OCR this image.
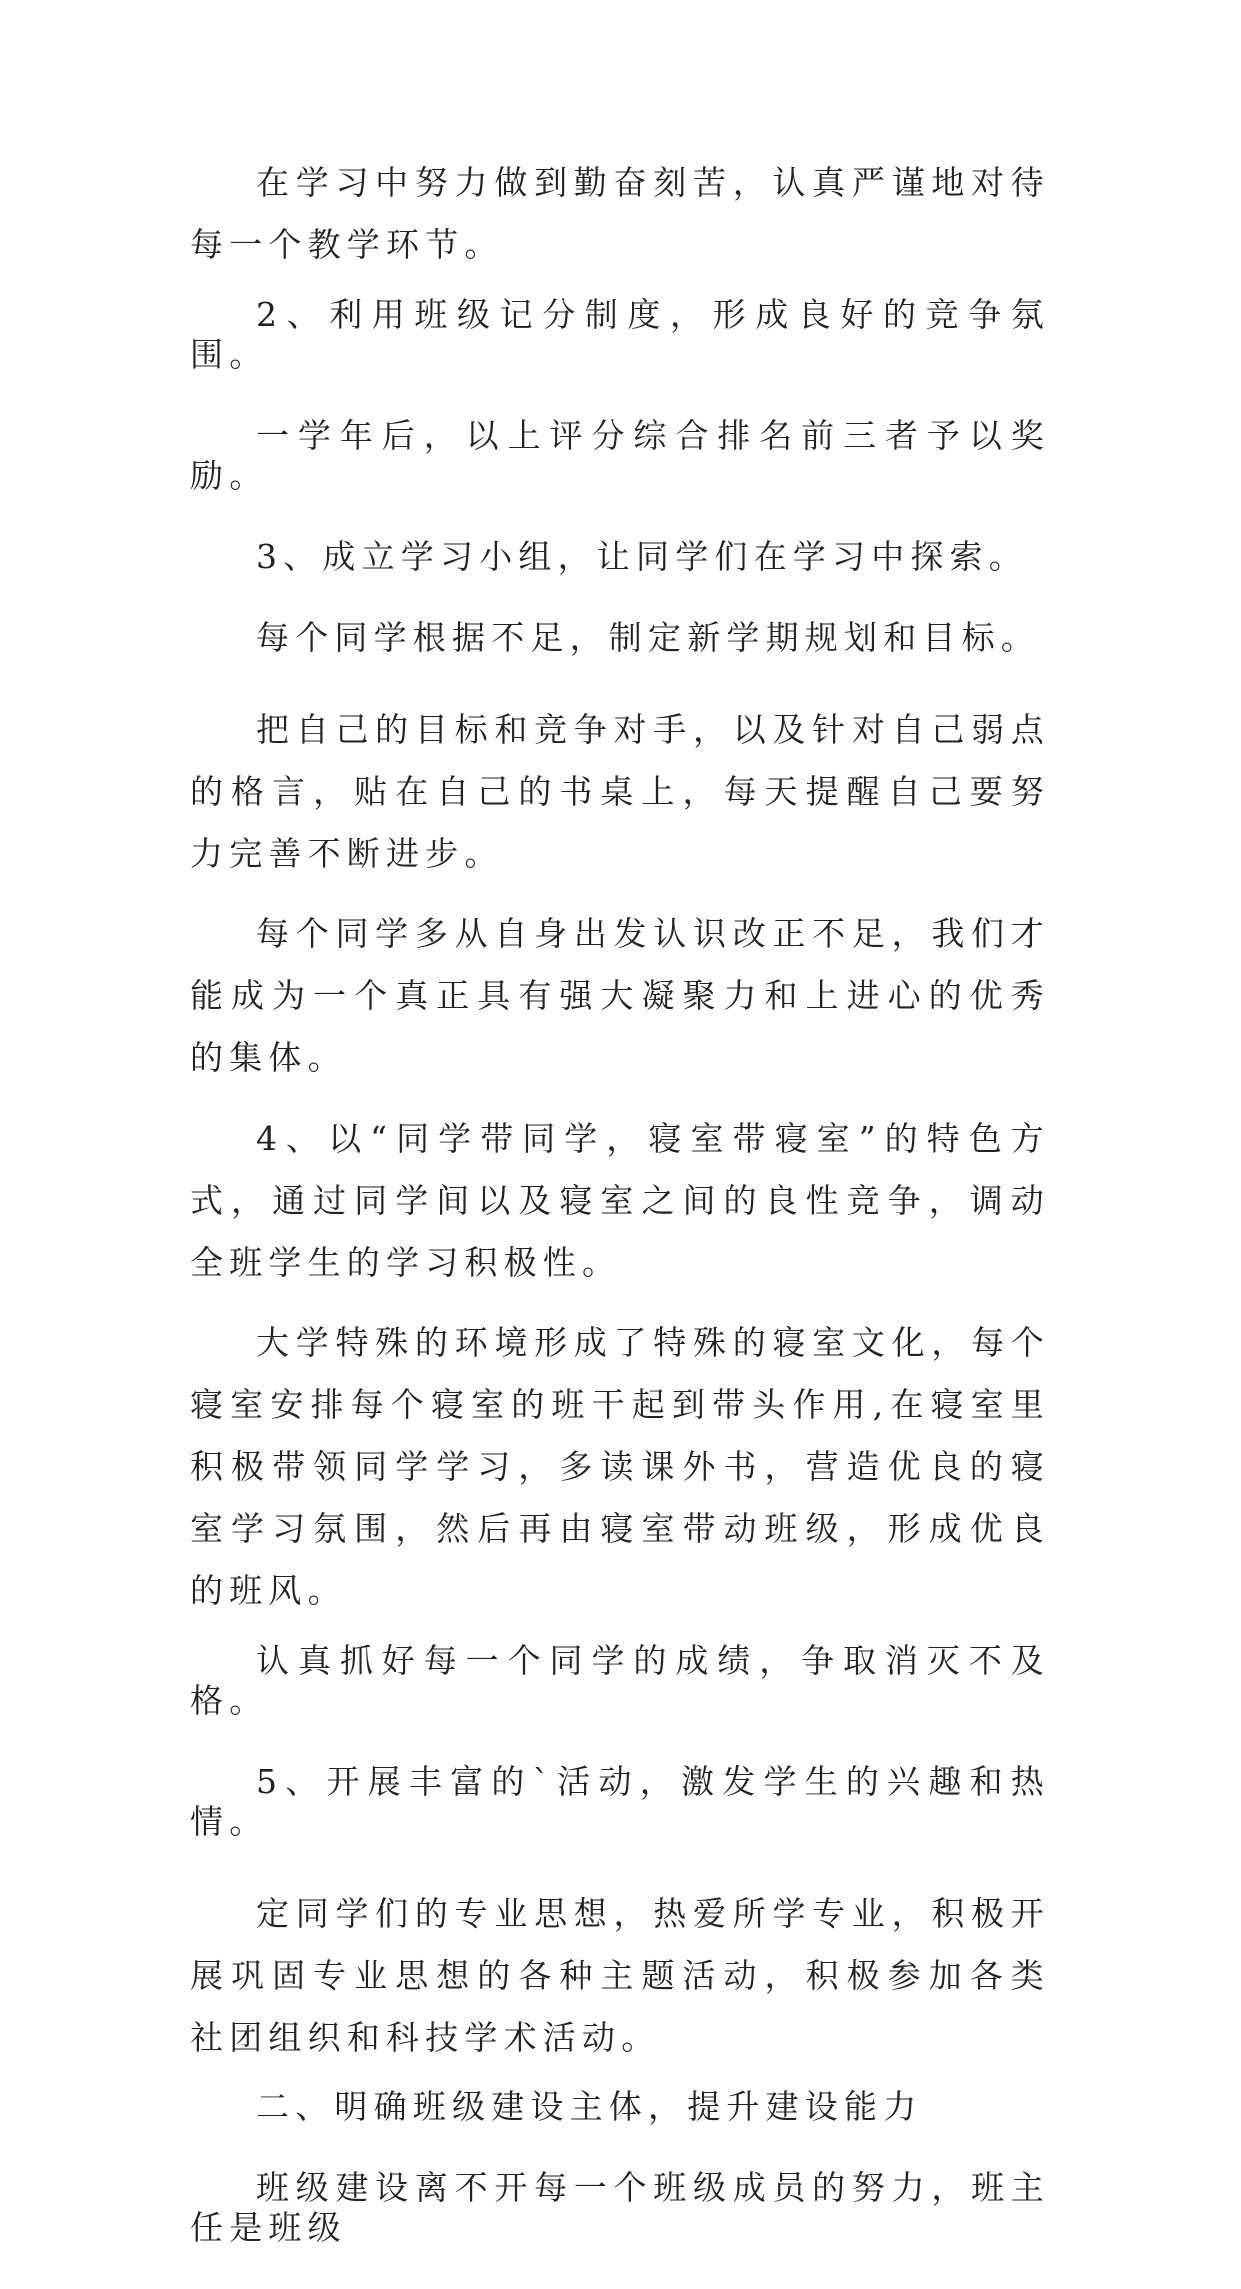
在学习中努力做到勤奋刻苦，认真严谨地对待每一个教学环节。

2、利用班级记分制度，形成良好的竞争氛围。

一学年后，以上评分综合排名前三者予以奖励。

3、成立学习小组，让同学们在学习中探索。

每个同学根据不足，制定新学期规划和目标。

把自己的目标和竞争对手，以及针对自己弱点的格言，贴在自己的书桌上，每天提醒自己要努力完善不断进步。

每个同学多从自身出发认识改正不足，我们才能成为一个真正具有强大凝聚力和上进心的优秀的集体。

4、以“同学带同学，寝室带寝室”的特色方式，通过同学间以及寝室之间的良性竞争，调动全班学生的学习积极性。

大学特殊的环境形成了特殊的寝室文化，每个寝室安排每个寝室的班干起到带头作用,在寝室里积极带领同学学习，多读课外书，营造优良的寝室学习氛围，然后再由寝室带动班级，形成优良的班风。

认真抓好每一个同学的成绩，争取消灭不及格。

5、开展丰富的`活动，激发学生的兴趣和热情。

定同学们的专业思想，热爱所学专业，积极开展巩固专业思想的各种主题活动，积极参加各类社团组织和科技学术活动。

二、明确班级建设主体，提升建设能力

班级建设离不开每一个班级成员的努力，班主任是班级
